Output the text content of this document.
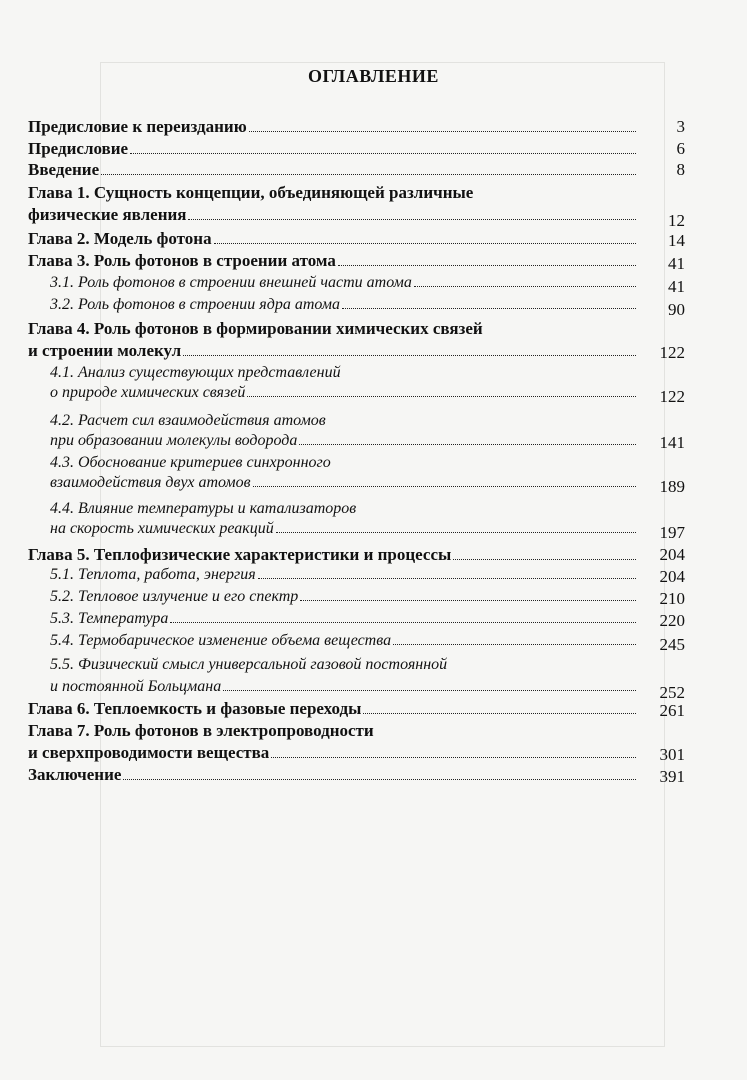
ОГЛАВЛЕНИЕ
Предисловие к переизданию	3
Предисловие	6
Введение	8
Глава 1. Сущность концепции, объединяющей различные
физические явления	12
Глава 2. Модель фотона	14
Глава 3. Роль фотонов в строении атома	41
3.1. Роль фотонов в строении внешней части атома	41
3.2. Роль фотонов в строении ядра атома	90
Глава 4. Роль фотонов в формировании химических связей
и строении молекул	122
4.1. Анализ существующих представлений
о природе химических связей	122
4.2. Расчет сил взаимодействия атомов
при образовании молекулы водорода	141
4.3. Обоснование критериев синхронного
взаимодействия двух атомов	189
4.4. Влияние температуры и катализаторов
на скорость химических реакций	197
Глава 5. Теплофизические характеристики и процессы	204
5.1. Теплота, работа, энергия	204
5.2. Тепловое излучение и его спектр	210
5.3. Температура	220
5.4. Термобарическое изменение объема вещества	245
5.5. Физический смысл универсальной газовой постоянной
и постоянной Больцмана	252
Глава 6. Теплоемкость и фазовые переходы	261
Глава 7. Роль фотонов в электропроводности
и сверхпроводимости вещества	301
Заключение	391
